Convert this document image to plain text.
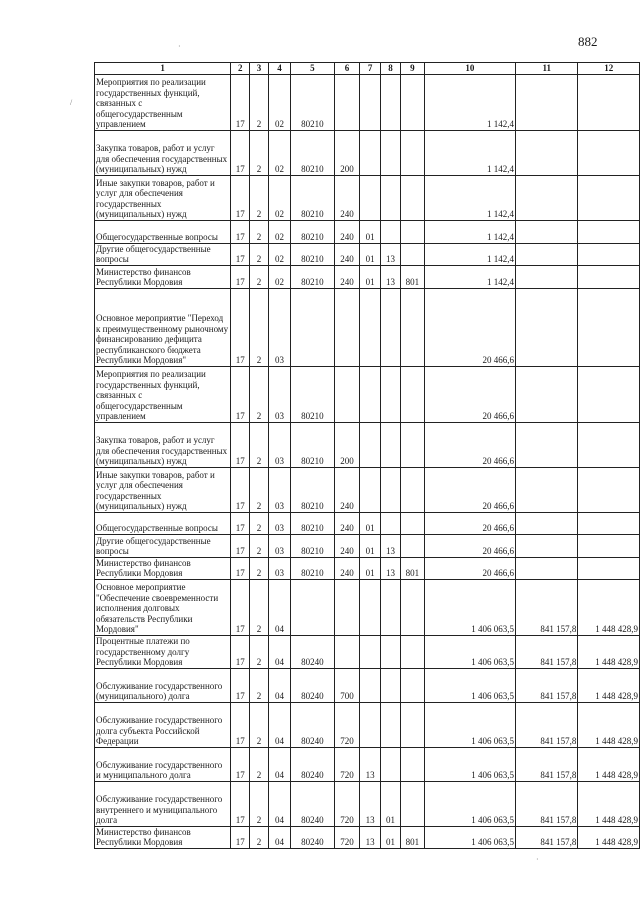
882
·
/
·
1	2	3	4	5	6	7	8	9	10	11	12
Мероприятия по реализации государственных функций, связанных с общегосударственным управлением	17	2	02	80210					1 142,4		
Закупка товаров, работ и услуг для обеспечения государственных (муниципальных) нужд	17	2	02	80210	200				1 142,4		
Иные закупки товаров, работ и услуг для обеспечения государственных (муниципальных) нужд	17	2	02	80210	240				1 142,4		
Общегосударственные вопросы	17	2	02	80210	240	01			1 142,4		
Другие общегосударственные вопросы	17	2	02	80210	240	01	13		1 142,4		
Министерство финансов Республики Мордовия	17	2	02	80210	240	01	13	801	1 142,4		
Основное мероприятие "Переход к преимущественному рыночному финансированию дефицита республиканского бюджета Республики Мордовия"	17	2	03						20 466,6		
Мероприятия по реализации государственных функций, связанных с общегосударственным управлением	17	2	03	80210					20 466,6		
Закупка товаров, работ и услуг для обеспечения государственных (муниципальных) нужд	17	2	03	80210	200				20 466,6		
Иные закупки товаров, работ и услуг для обеспечения государственных (муниципальных) нужд	17	2	03	80210	240				20 466,6		
Общегосударственные вопросы	17	2	03	80210	240	01			20 466,6		
Другие общегосударственные вопросы	17	2	03	80210	240	01	13		20 466,6		
Министерство финансов Республики Мордовия	17	2	03	80210	240	01	13	801	20 466,6		
Основное мероприятие "Обеспечение своевременности исполнения долговых обязательств Республики Мордовия"	17	2	04						1 406 063,5	841 157,8	1 448 428,9
Процентные платежи по государственному долгу Республики Мордовия	17	2	04	80240					1 406 063,5	841 157,8	1 448 428,9
Обслуживание государственного (муниципального) долга	17	2	04	80240	700				1 406 063,5	841 157,8	1 448 428,9
Обслуживание государственного долга субъекта Российской Федерации	17	2	04	80240	720				1 406 063,5	841 157,8	1 448 428,9
Обслуживание государственного и муниципального долга	17	2	04	80240	720	13			1 406 063,5	841 157,8	1 448 428,9
Обслуживание государственного внутреннего и муниципального долга	17	2	04	80240	720	13	01		1 406 063,5	841 157,8	1 448 428,9
Министерство финансов Республики Мордовия	17	2	04	80240	720	13	01	801	1 406 063,5	841 157,8	1 448 428,9
